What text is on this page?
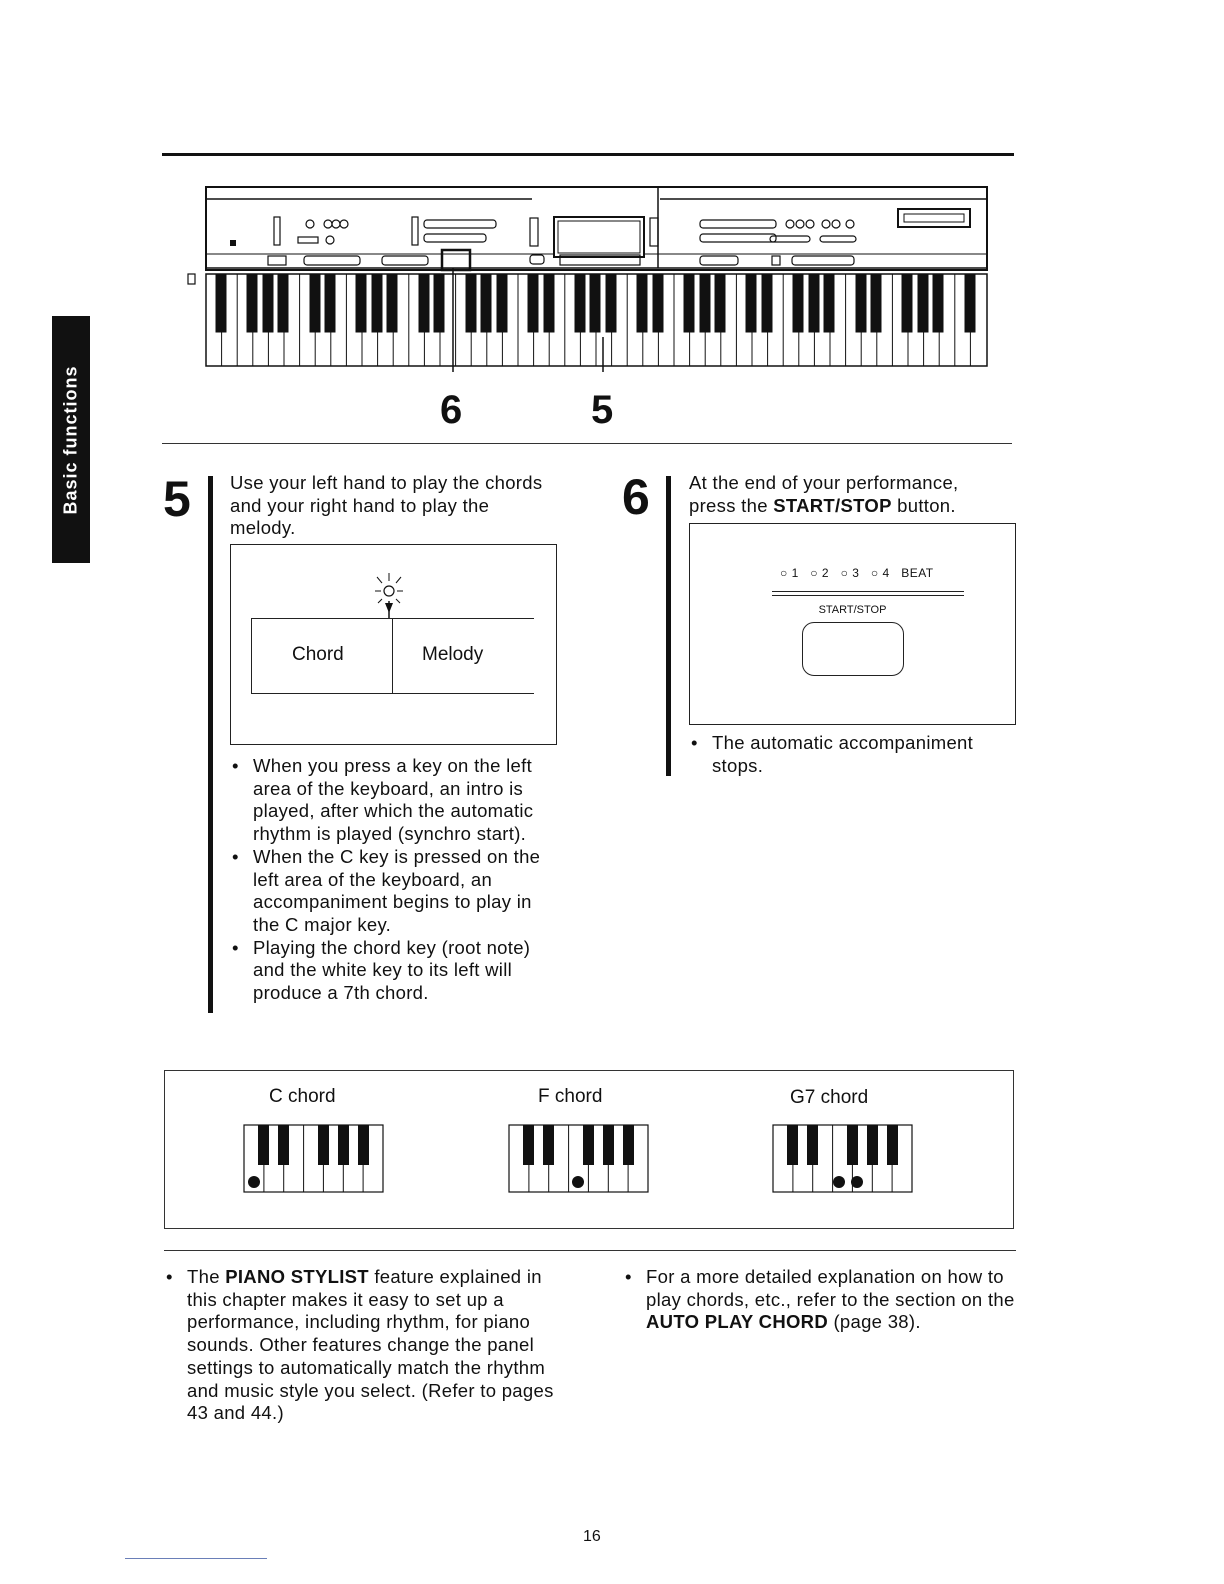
Basic functions	6	5
5 Use your left hand to play the chords and your right hand to play the melody.
Chord	Melody
• When you press a key on the left area of the keyboard, an intro is played, after which the automatic rhythm is played (synchro start).
• When the C key is pressed on the left area of the keyboard, an accompaniment begins to play in the C major key.
• Playing the chord key (root note) and the white key to its left will produce a 7th chord.
6 At the end of your performance, press the START/STOP button.
○ 1 ○ 2 ○ 3 ○ 4 BEAT
START/STOP
• The automatic accompaniment stops.
C chord	F chord	G7 chord
• The PIANO STYLIST feature explained in this chapter makes it easy to set up a performance, including rhythm, for piano sounds. Other features change the panel settings to automatically match the rhythm and music style you select. (Refer to pages 43 and 44.)
• For a more detailed explanation on how to play chords, etc., refer to the section on the AUTO PLAY CHORD (page 38).
16
